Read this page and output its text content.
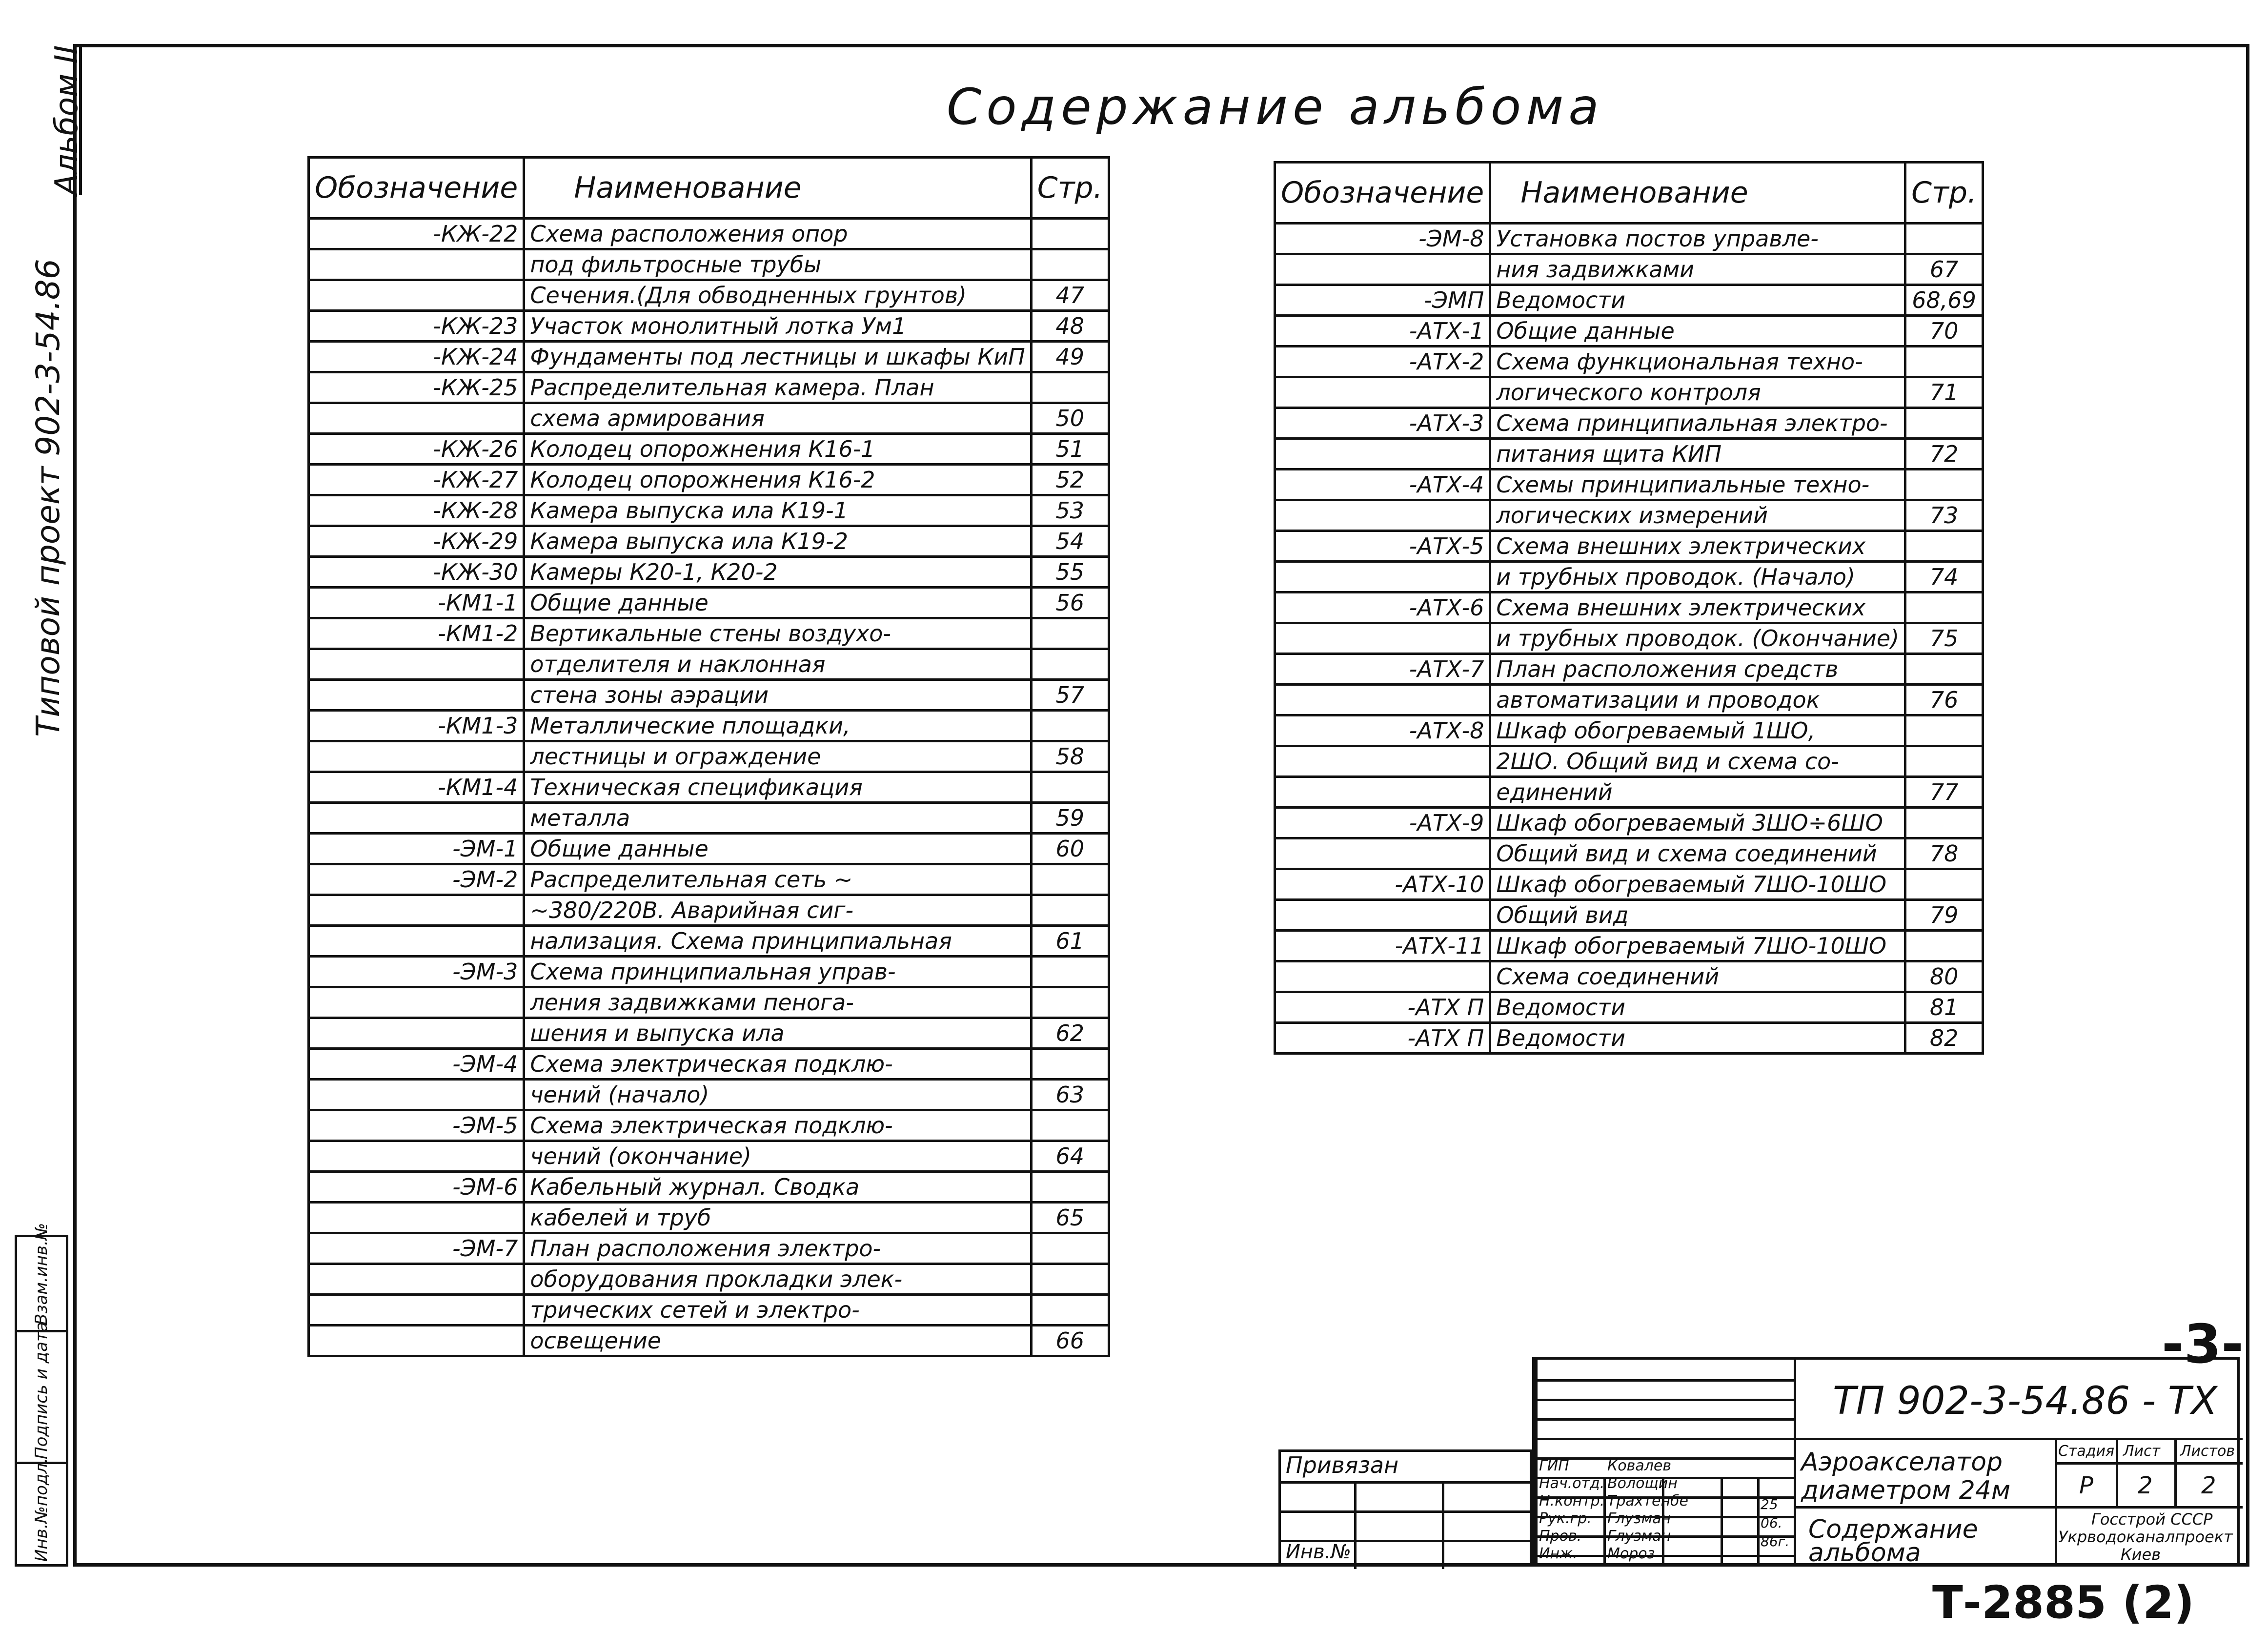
Альбом II
Типовой проект 902-3-54.86
Взам.инв.№
Подпись и дата
Инв.№подл.
Содержание альбома
Обозначение	Наименование	Стр.
-КЖ-22	Схема расположения опор	
	под фильтросные трубы	
	Сечения.(Для обводненных грунтов)	47
-КЖ-23	Участок монолитный лотка Ум1	48
-КЖ-24	Фундаменты под лестницы и шкафы КиП	49
-КЖ-25	Распределительная камера. План	
	схема армирования	50
-КЖ-26	Колодец опорожнения К16-1	51
-КЖ-27	Колодец опорожнения К16-2	52
-КЖ-28	Камера выпуска ила К19-1	53
-КЖ-29	Камера выпуска ила К19-2	54
-КЖ-30	Камеры К20-1, К20-2	55
-КМ1-1	Общие данные	56
-КМ1-2	Вертикальные стены воздухо-	
	отделителя и наклонная	
	стена зоны аэрации	57
-КМ1-3	Металлические площадки,	
	лестницы и ограждение	58
-КМ1-4	Техническая спецификация	
	металла	59
-ЭМ-1	Общие данные	60
-ЭМ-2	Распределительная сеть ~	
	~380/220В. Аварийная сиг-	
	нализация. Схема принципиальная	61
-ЭМ-3	Схема принципиальная управ-	
	ления задвижками пенога-	
	шения и выпуска ила	62
-ЭМ-4	Схема электрическая подклю-	
	чений (начало)	63
-ЭМ-5	Схема электрическая подклю-	
	чений (окончание)	64
-ЭМ-6	Кабельный журнал. Сводка	
	кабелей и труб	65
-ЭМ-7	План расположения электро-	
	оборудования прокладки элек-	
	трических сетей и электро-	
	освещение	66
Обозначение	Наименование	Стр.
-ЭМ-8	Установка постов управле-	
	ния задвижками	67
-ЭМП	Ведомости	68,69
-АТХ-1	Общие данные	70
-АТХ-2	Схема функциональная техно-	
	логического контроля	71
-АТХ-3	Схема принципиальная электро-	
	питания щита КИП	72
-АТХ-4	Схемы принципиальные техно-	
	логических измерений	73
-АТХ-5	Схема внешних электрических	
	и трубных проводок. (Начало)	74
-АТХ-6	Схема внешних электрических	
	и трубных проводок. (Окончание)	75
-АТХ-7	План расположения средств	
	автоматизации и проводок	76
-АТХ-8	Шкаф обогреваемый 1ШО,	
	2ШО. Общий вид и схема со-	
	единений	77
-АТХ-9	Шкаф обогреваемый 3ШО÷6ШО	
	Общий вид и схема соединений	78
-АТХ-10	Шкаф обогреваемый 7ШО-10ШО	
	Общий вид	79
-АТХ-11	Шкаф обогреваемый 7ШО-10ШО	
	Схема соединений	80
-АТХ П	Ведомости	81
-АТХ П	Ведомости	82
-3-
ТП 902-3-54.86 - ТХ
ГИП
Нач.отд.
Н.контр.
Рук.гр.
Пров.
Инж.
Ковалев
Волощин
Трахтенбе
Глузман
Глузман
Мороз
25
06.
86г.
Аэроакселатор
диаметром 24м
Содержание
альбома
Стадия Лист Листов
Р 2 2
Госстрой СССР
Укрводоканалпроект
Киев
Привязан
Инв.№
Т-2885 (2)
